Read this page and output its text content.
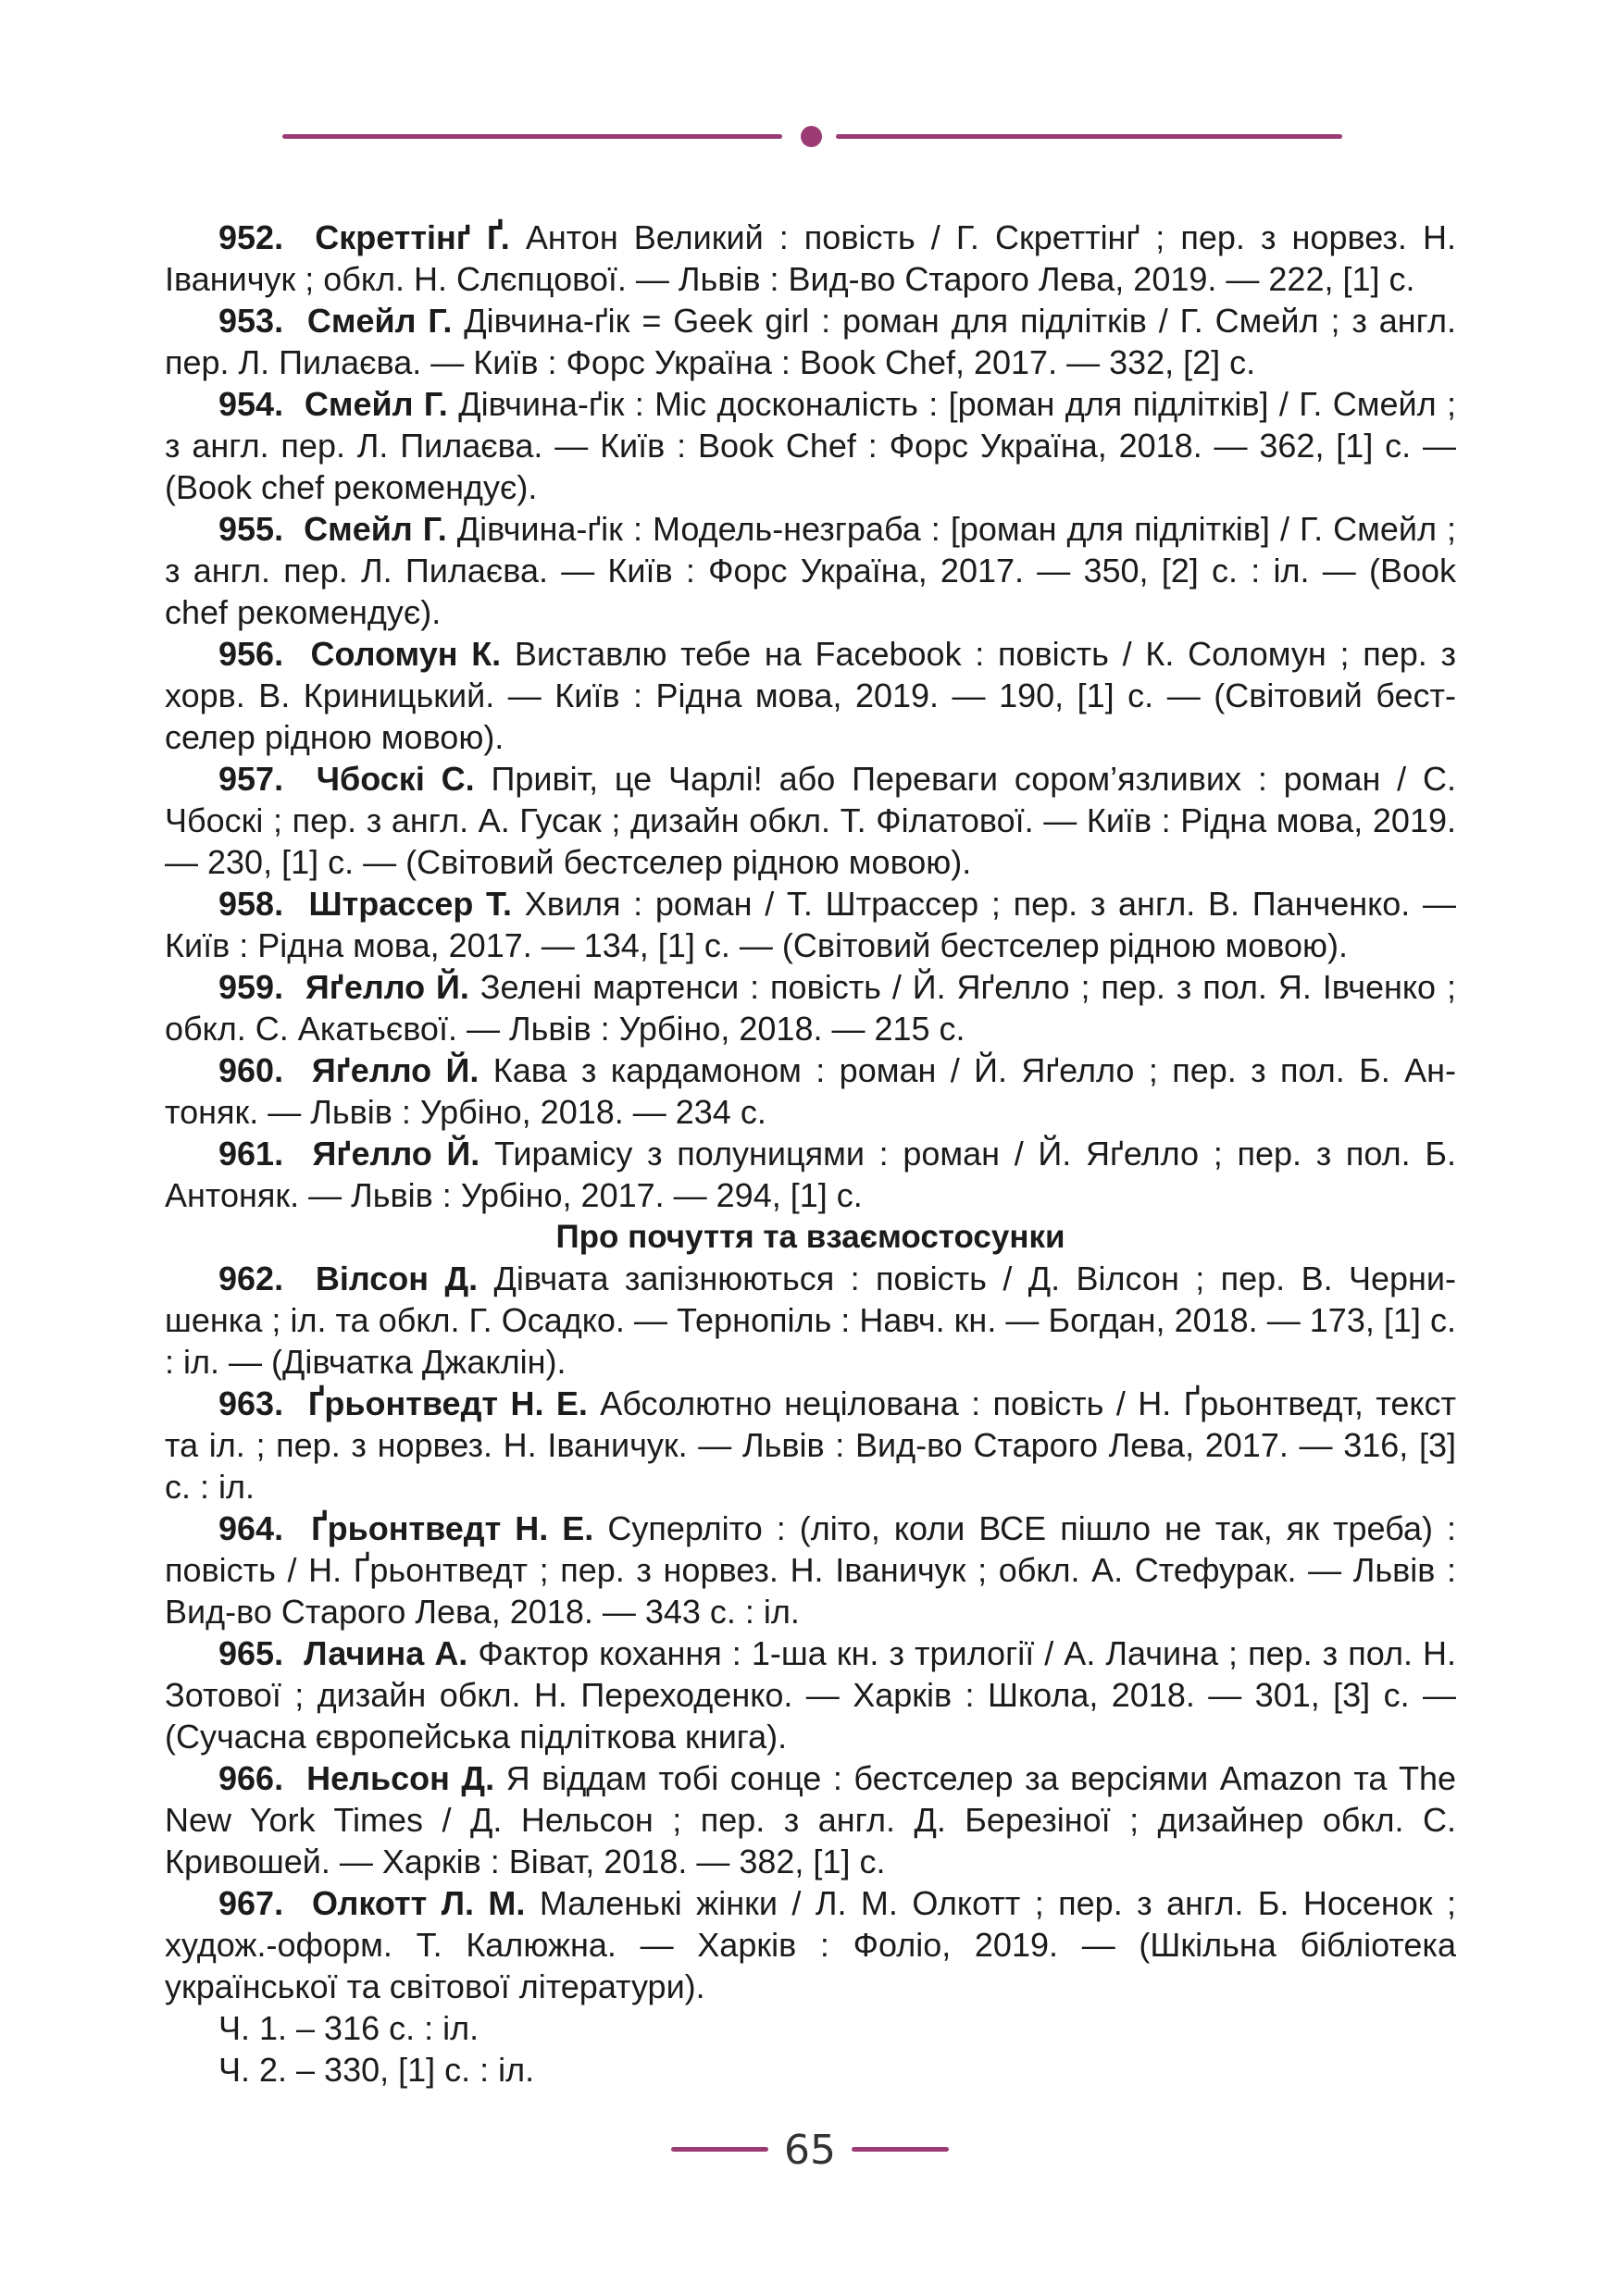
952. Скреттінґ Ґ. Антон Великий : повість / Г. Скреттінґ ; пер. з норвез. Н. Іваничук ; обкл. Н. Слєпцової. — Львів : Вид-во Старого Лева, 2019. — 222, [1] с.

953. Смейл Г. Дівчина-ґік = Geek girl : роман для підлітків / Г. Смейл ; з англ. пер. Л. Пилаєва. — Київ : Форс Україна : Book Chef, 2017. — 332, [2] с.

954. Смейл Г. Дівчина-ґік : Міс досконалість : [роман для підлітків] / Г. Смейл ; з англ. пер. Л. Пилаєва. — Київ : Book Chef : Форс Україна, 2018. — 362, [1] с. — (Book chef рекомендує).

955. Смейл Г. Дівчина-ґік : Модель-незграба : [роман для підлітків] / Г. Смейл ; з англ. пер. Л. Пилаєва. — Київ : Форс Україна, 2017. — 350, [2] с. : іл. — (Book chef рекомендує).

956. Соломун К. Виставлю тебе на Facebook : повість / К. Соломун ; пер. з хорв. В. Криницький. — Київ : Рідна мова, 2019. — 190, [1] с. — (Світовий бест-селер рідною мовою).

957. Чбоскі С. Привіт, це Чарлі! або Переваги сором’язливих : роман / С. Чбоскі ; пер. з англ. А. Гусак ; дизайн обкл. Т. Філатової. — Київ : Рідна мова, 2019. — 230, [1] с. — (Світовий бестселер рідною мовою).

958. Штрассер Т. Хвиля : роман / Т. Штрассер ; пер. з англ. В. Панченко. — Київ : Рідна мова, 2017. — 134, [1] с. — (Світовий бестселер рідною мовою).

959. Яґелло Й. Зелені мартенси : повість / Й. Яґелло ; пер. з пол. Я. Івченко ; обкл. С. Акатьєвої. — Львів : Урбіно, 2018. — 215 с.

960. Яґелло Й. Кава з кардамоном : роман / Й. Яґелло ; пер. з пол. Б. Ан-тоняк. — Львів : Урбіно, 2018. — 234 с.

961. Яґелло Й. Тирамісу з полуницями : роман / Й. Яґелло ; пер. з пол. Б. Антоняк. — Львів : Урбіно, 2017. — 294, [1] с.

Про почуття та взаємостосунки

962. Вілсон Д. Дівчата запізнюються : повість / Д. Вілсон ; пер. В. Черни-шенка ; іл. та обкл. Г. Осадко. — Тернопіль : Навч. кн. — Богдан, 2018. — 173, [1] с. : іл. — (Дівчатка Джаклін).

963. Ґрьонтведт Н. Е. Абсолютно нецілована : повість / Н. Ґрьонтведт, текст та іл. ; пер. з норвез. Н. Іваничук. — Львів : Вид-во Старого Лева, 2017. — 316, [3] с. : іл.

964. Ґрьонтведт Н. Е. Суперліто : (літо, коли ВСЕ пішло не так, як треба) : повість / Н. Ґрьонтведт ; пер. з норвез. Н. Іваничук ; обкл. А. Стефурак. — Львів : Вид-во Старого Лева, 2018. — 343 с. : іл.

965. Лачина А. Фактор кохання : 1-ша кн. з трилогії / А. Лачина ; пер. з пол. Н. Зотової ; дизайн обкл. Н. Переходенко. — Харків : Школа, 2018. — 301, [3] с. — (Сучасна європейська підліткова книга).

966. Нельсон Д. Я віддам тобі сонце : бестселер за версіями Amazon та The New York Times / Д. Нельсон ; пер. з англ. Д. Березіної ; дизайнер обкл. С. Кривошей. — Харків : Віват, 2018. — 382, [1] с.

967. Олкотт Л. М. Маленькі жінки / Л. М. Олкотт ; пер. з англ. Б. Носенок ; худож.-оформ. Т. Калюжна. — Харків : Фоліо, 2019. — (Шкільна бібліотека української та світової літератури).

Ч. 1. – 316 с. : іл.

Ч. 2. – 330, [1] с. : іл.

65
